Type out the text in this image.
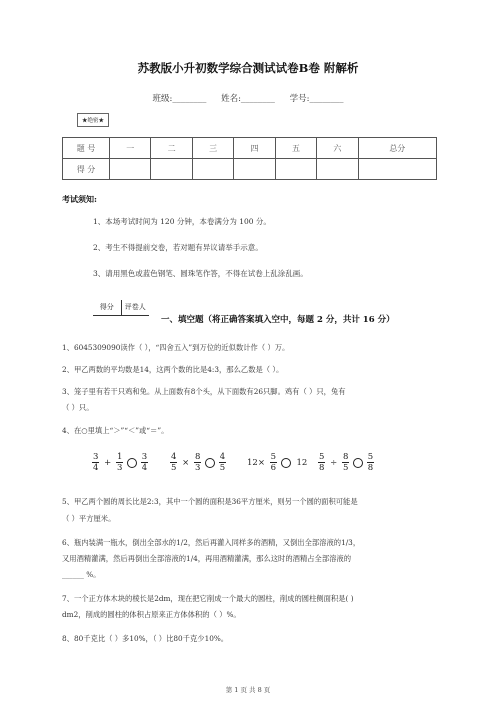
苏教版小升初数学综合测试试卷B卷 附解析
班级:________ 姓名:________ 学号:________
★绝密★
题 号	一	二	三	四	五	六	总分
得 分							
考试须知:
1、本场考试时间为 120 分钟，本卷满分为 100 分。
2、考生不得提前交卷，若对题有异议请举手示意。
3、请用黑色或蓝色钢笔、圆珠笔作答，不得在试卷上乱涂乱画。
得分	评卷人
一、填空题（将正确答案填入空中，每题 2 分，共计 16 分）
1、6045309090读作（ ），“四舍五入”到万位的近似数计作（ ）万。
2、甲乙两数的平均数是14，这两个数的比是4:3，那么乙数是（ ）。
3、笼子里有若干只鸡和兔。从上面数有8个头，从下面数有26只脚。鸡有（ ）只，兔有
（ ）只。
4、在○里填上“＞”“＜”或“＝”。
$\frac{3}{4} + \frac{1}{3}$
$\frac{3}{4}$	$\frac{4}{5} \times \frac{8}{3}$
$\frac{4}{5} 12\times \frac{5}{6} 12 \frac{5}{8} \div \frac{8}{5}$
$\frac{5}{8}$
5、甲乙两个圆的周长比是2:3，其中一个圆的面积是36平方厘米，则另一个圆的面积可能是
（ ）平方厘米。
6、瓶内装满一瓶水，倒出全部水的1/2，然后再灌入同样多的酒精，又倒出全部溶液的1/3，
又用酒精灌满，然后再倒出全部溶液的1/4，再用酒精灌满，那么这时的酒精占全部溶液的
______ %。
7、一个正方体木块的棱长是2dm，现在把它削成一个最大的圆柱，削成的圆柱侧面积是( )
dm2，削成的圆柱的体积占原来正方体体积的（ ）%。
8、80千克比（ ）多10%，（ ）比80千克少10%。
第 1 页 共 8 页
